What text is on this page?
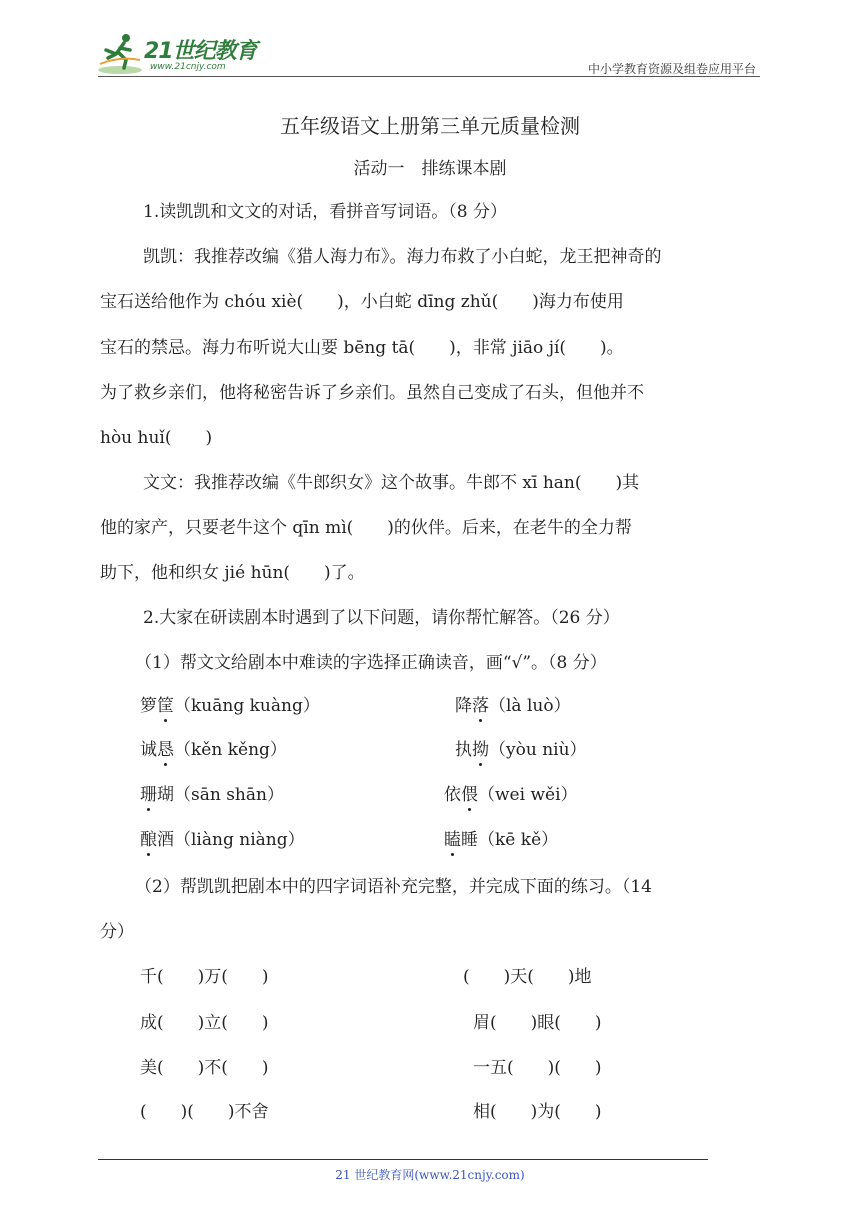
21世纪教育
www.21cnjy.com	中小学教育资源及组卷应用平台
五年级语文上册第三单元质量检测
活动一　排练课本剧
1.读凯凯和文文的对话，看拼音写词语。（8 分）
凯凯：我推荐改编《猎人海力布》。海力布救了小白蛇，龙王把神奇的
宝石送给他作为 chóu xiè(　　)，小白蛇 dīng zhǔ(　　)海力布使用
宝石的禁忌。海力布听说大山要 bēng tā(　　)，非常 jiāo jí(　　)。
为了救乡亲们，他将秘密告诉了乡亲们。虽然自己变成了石头，但他并不
hòu huǐ(　　)
文文：我推荐改编《牛郎织女》这个故事。牛郎不 xī han(　　)其
他的家产，只要老牛这个 qīn mì(　　)的伙伴。后来，在老牛的全力帮
助下，他和织女 jié hūn(　　)了。
2.大家在研读剧本时遇到了以下问题，请你帮忙解答。（26 分）
（1）帮文文给剧本中难读的字选择正确读音，画“√”。（8 分）
箩筐（kuāng kuàng）	降落（là luò）
诚恳（kěn kěng）	执拗（yòu niù）
珊瑚（sān shān）	依偎（wei wěi）
酿酒（liàng niàng）	瞌睡（kē kě）
（2）帮凯凯把剧本中的四字词语补充完整，并完成下面的练习。（14
分）
千(　　)万(　　)	(　　)天(　　)地
成(　　)立(　　)	眉(　　)眼(　　)
美(　　)不(　　)	一五(　　)(　　)
(　　)(　　)不舍	相(　　)为(　　)
21 世纪教育网(www.21cnjy.com)
